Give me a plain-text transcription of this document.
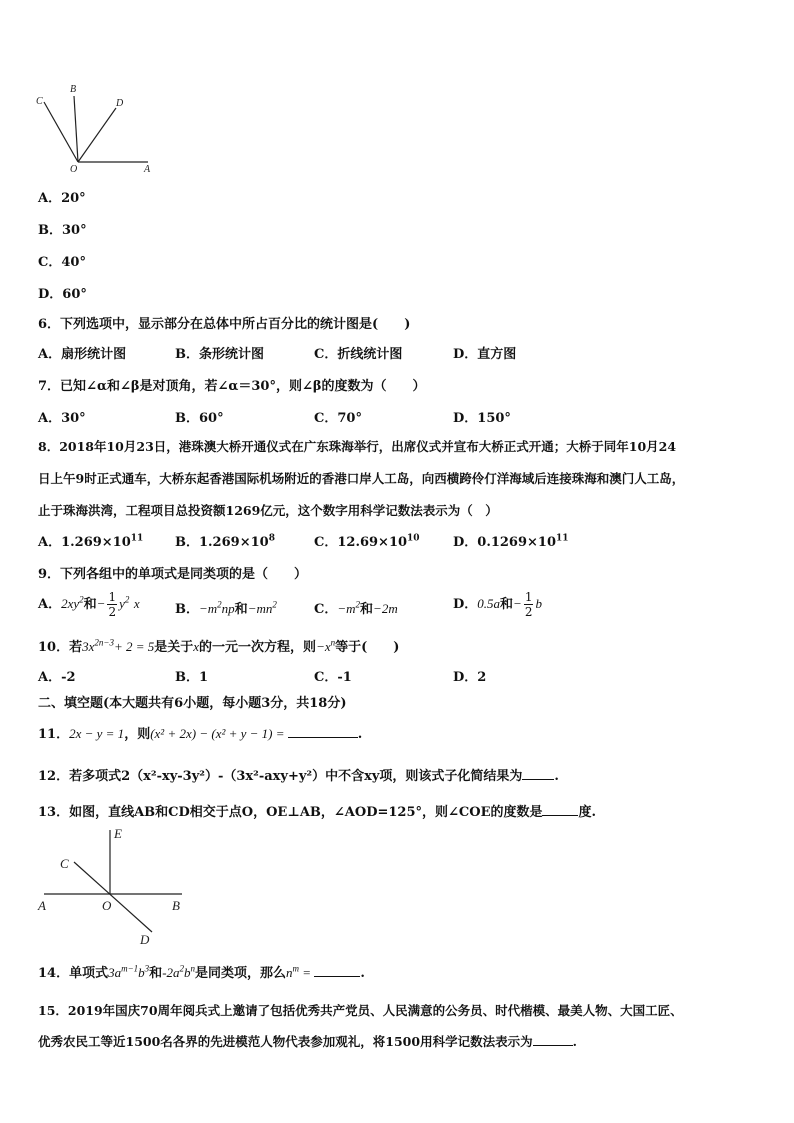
C
B
D
O	A
A．20°
B．30°
C．40°
D．60°
6．下列选项中，显示部分在总体中所占百分比的统计图是(　　)
A．扇形统计图	B．条形统计图	C．折线统计图	D．直方图
7．已知∠α和∠β是对顶角，若∠α＝30°，则∠β的度数为（　　）
A．30°	B．60°	C．70°	D．150°
8．2018年10月23日，港珠澳大桥开通仪式在广东珠海举行，出席仪式并宣布大桥正式开通；大桥于同年10月24
日上午9时正式通车，大桥东起香港国际机场附近的香港口岸人工岛，向西横跨伶仃洋海域后连接珠海和澳门人工岛，
止于珠海洪湾，工程项目总投资额1269亿元，这个数字用科学记数法表示为（　）
A．$1.269\times 10^{11}$ B．$1.269\times 10^8$	C．$12.69\times 10^{10}$	D．$0.1269\times 10^{11}$
9．下列各组中的单项式是同类项的是（　　）
A．$2xy^2$和− $\frac{1}{2} y^2$ x	B．$-m^2np$和$-mn^2$	C．$-m^2$和−2m	D．0.5a和− $\frac{1}{2}$ b
10．若$3x^{2n-3}+ 2 = 5$是关于x的一元一次方程，则$-x^n$等于(　　)
A．-2	B．1	C．-1	D．2
二、填空题(本大题共有6小题，每小题3分，共18分)
11．2x − y = 1，则(x² + 2x) − (x² + y − 1) =	.
12．若多项式2（x²-xy-3y²）-（3x²-axy+y²）中不含xy项，则该式子化简结果为 .
13．如图，直线AB和CD相交于点O，OE⊥AB，∠AOD=125°，则∠COE的度数是	度.
E
C
A	O	B
D
14．单项式$3a^{m-1}b^3$和$-2a^2b^n$是同类项，那么$n^m$ =	.
15．2019年国庆70周年阅兵式上邀请了包括优秀共产党员、人民满意的公务员、时代楷模、最美人物、大国工匠、
优秀农民工等近1500名各界的先进模范人物代表参加观礼，将1500用科学记数法表示为	.
